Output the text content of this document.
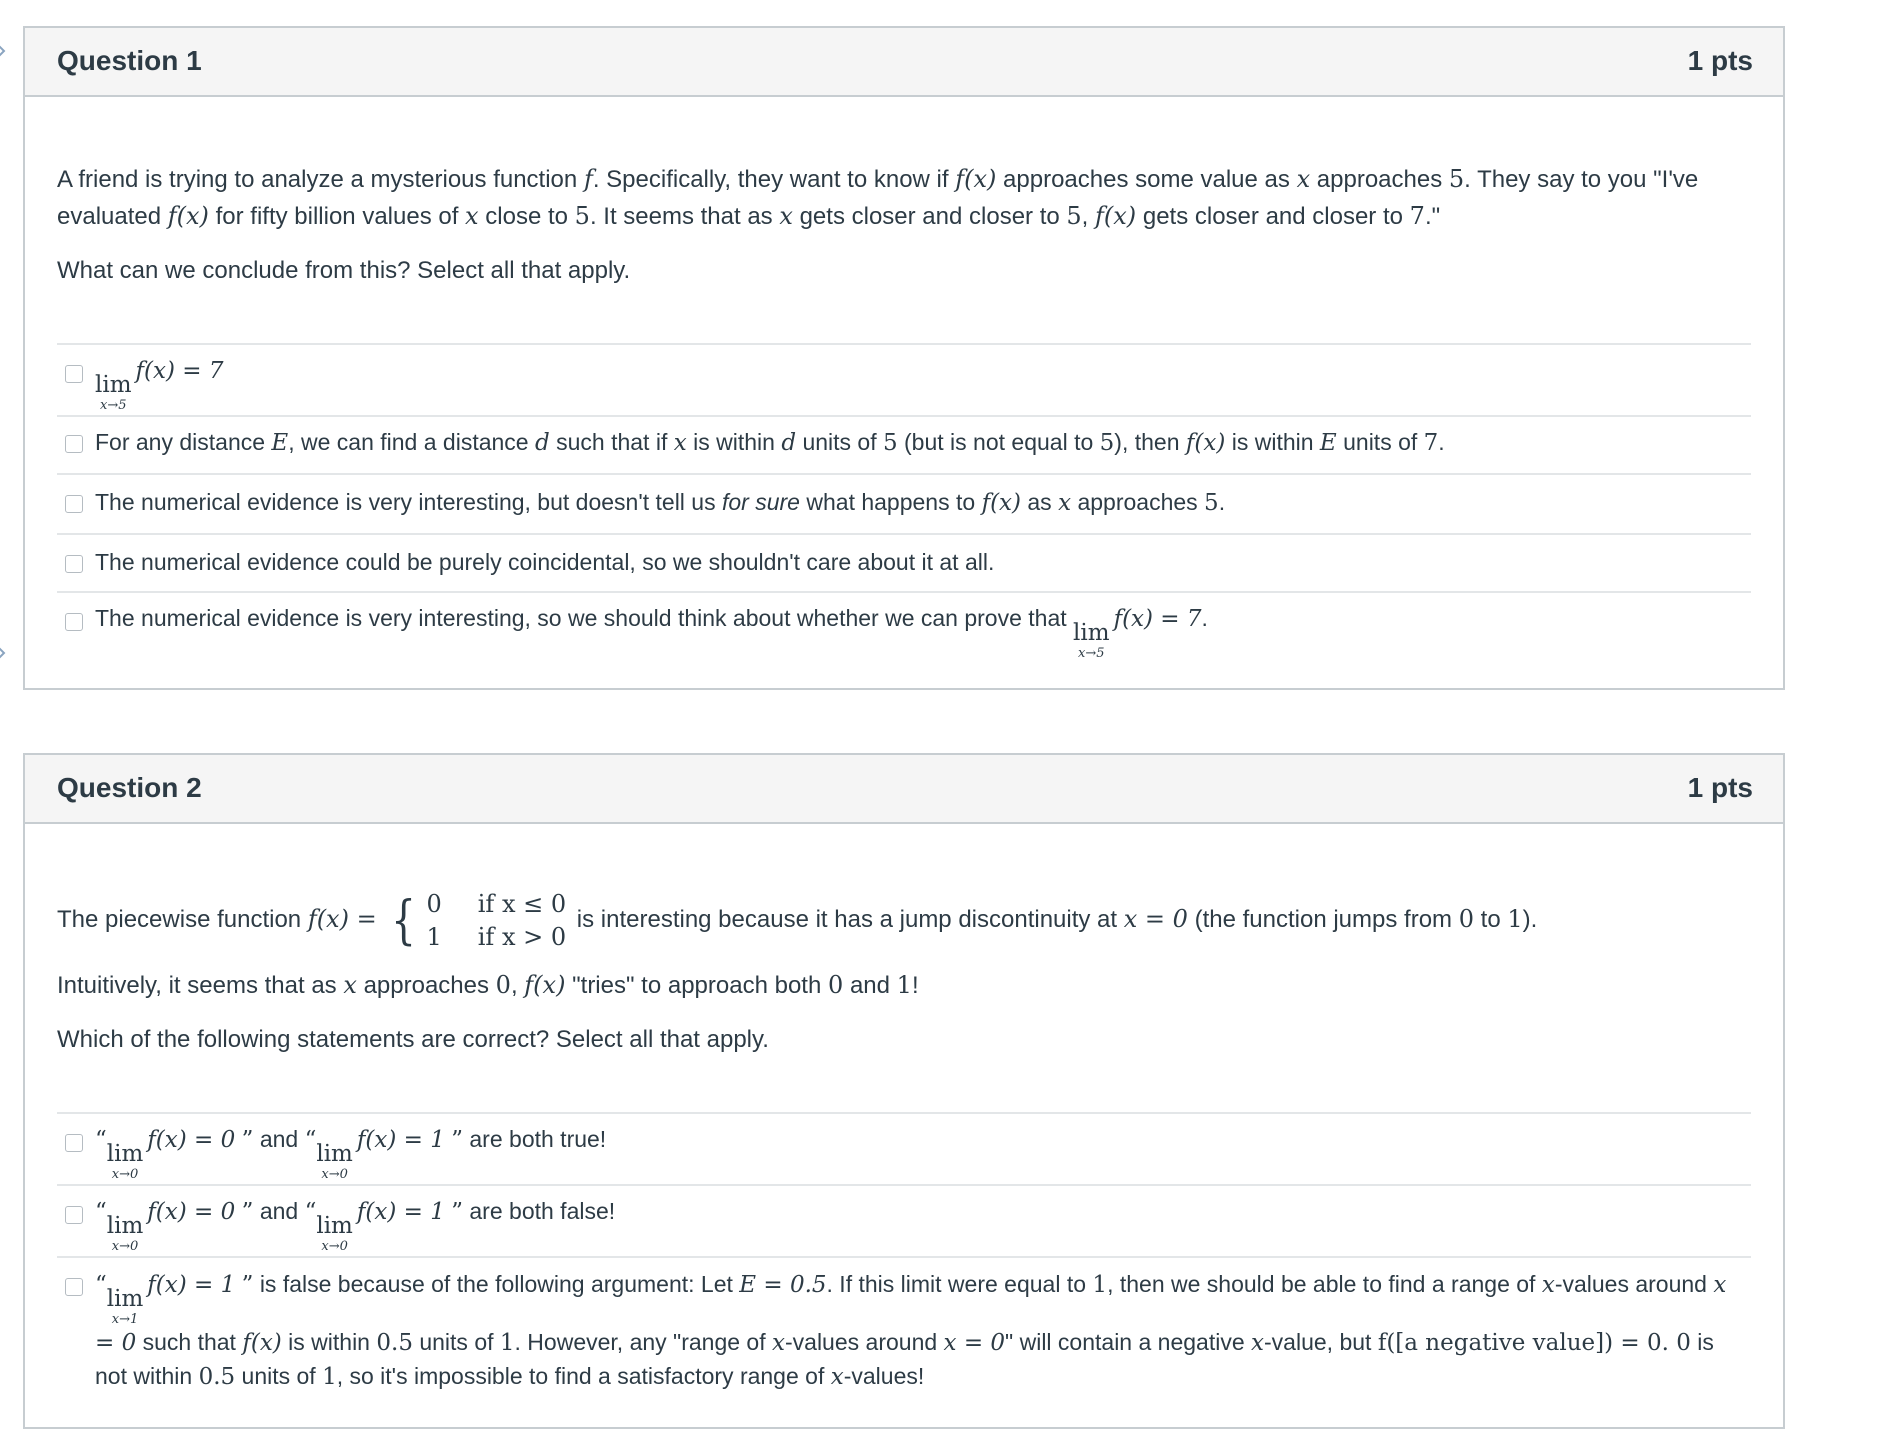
Question 1	1 pts

A friend is trying to analyze a mysterious function f. Specifically, they want to know if f(x) approaches some value as x approaches 5. They say to you "I've evaluated f(x) for fifty billion values of x close to 5. It seems that as x gets closer and closer to 5, f(x) gets closer and closer to 7."

What can we conclude from this? Select all that apply.

lim
x→5
f(x) = 7
For any distance E, we can find a distance d such that if x is within d units of 5 (but is not equal to 5), then f(x) is within E units of 7.
The numerical evidence is very interesting, but doesn't tell us for sure what happens to f(x) as x approaches 5.
The numerical evidence could be purely coincidental, so we shouldn't care about it at all.
The numerical evidence is very interesting, so we should think about whether we can prove that
lim
x→5
f(x) = 7.
Question 2	1 pts

The piecewise function f(x) = { 0 if x ≤ 0
1 if x > 0
is interesting because it has a jump discontinuity at x = 0 (the function jumps from 0 to 1).

Intuitively, it seems that as x approaches 0, f(x) "tries" to approach both 0 and 1!

Which of the following statements are correct? Select all that apply.

“
lim
x→0
f(x) = 0 ” and “
lim
x→0
f(x) = 1 ” are both true!
“
lim
x→0
f(x) = 0 ” and “
lim
x→0
f(x) = 1 ” are both false!
“
lim
x→1
f(x) = 1 ” is false because of the following argument: Let E = 0.5. If this limit were equal to 1, then we should be able to find a range of x-values around x = 0 such that f(x) is within 0.5 units of 1. However, any "range of x-values around x = 0" will contain a negative x-value, but f([a negative value]) = 0. 0 is not within 0.5 units of 1, so it's impossible to find a satisfactory range of x-values!
